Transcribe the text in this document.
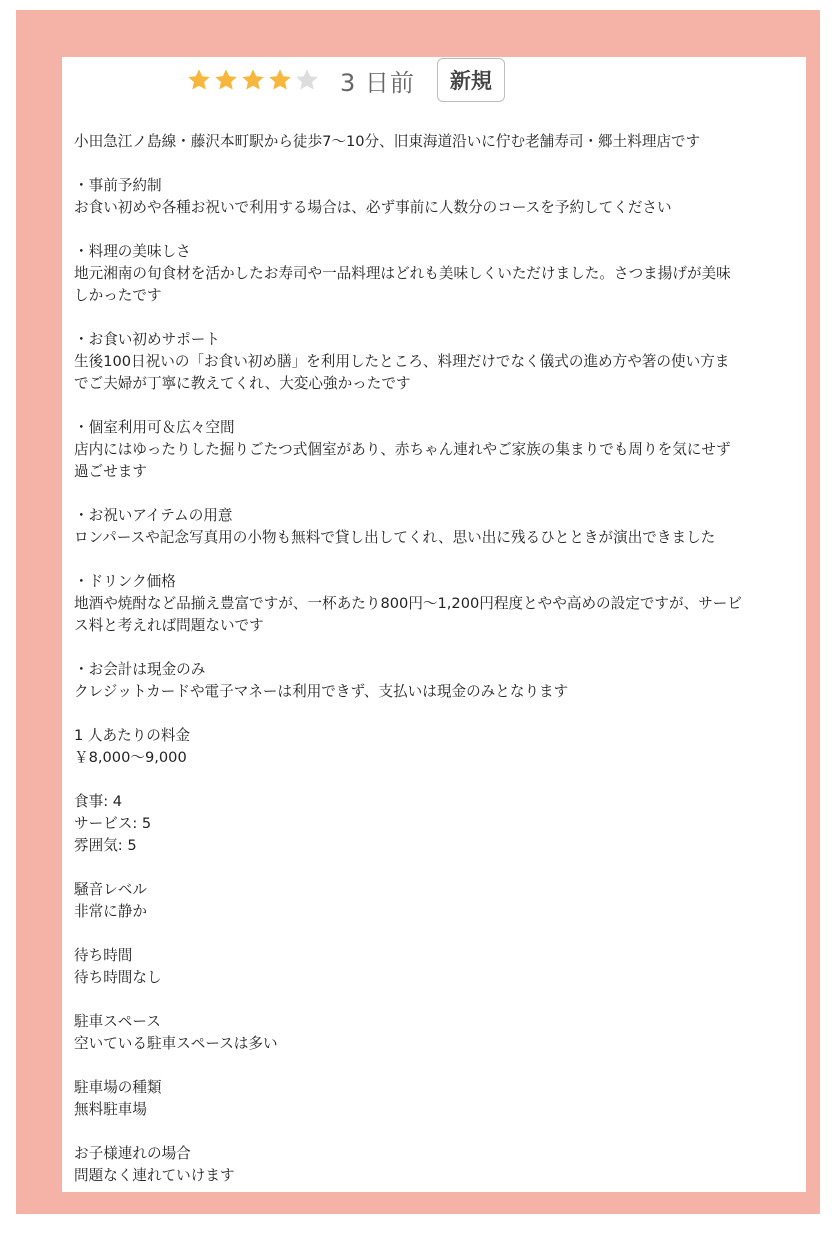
3 日前	新規
小田急江ノ島線・藤沢本町駅から徒歩7〜10分、旧東海道沿いに佇む老舗寿司・郷土料理店です
・事前予約制
お食い初めや各種お祝いで利用する場合は、必ず事前に人数分のコースを予約してください
・料理の美味しさ
地元湘南の旬食材を活かしたお寿司や一品料理はどれも美味しくいただけました。さつま揚げが美味
しかったです
・お食い初めサポート
生後100日祝いの「お食い初め膳」を利用したところ、料理だけでなく儀式の進め方や箸の使い方ま
でご夫婦が丁寧に教えてくれ、大変心強かったです
・個室利用可＆広々空間
店内にはゆったりした掘りごたつ式個室があり、赤ちゃん連れやご家族の集まりでも周りを気にせず
過ごせます
・お祝いアイテムの用意
ロンパースや記念写真用の小物も無料で貸し出してくれ、思い出に残るひとときが演出できました
・ドリンク価格
地酒や焼酎など品揃え豊富ですが、一杯あたり800円〜1,200円程度とやや高めの設定ですが、サービ
ス料と考えれば問題ないです
・お会計は現金のみ
クレジットカードや電子マネーは利用できず、支払いは現金のみとなります
1 人あたりの料金
￥8,000〜9,000
食事: 4
サービス: 5
雰囲気: 5
騒音レベル
非常に静か
待ち時間
待ち時間なし
駐車スペース
空いている駐車スペースは多い
駐車場の種類
無料駐車場
お子様連れの場合
問題なく連れていけます
